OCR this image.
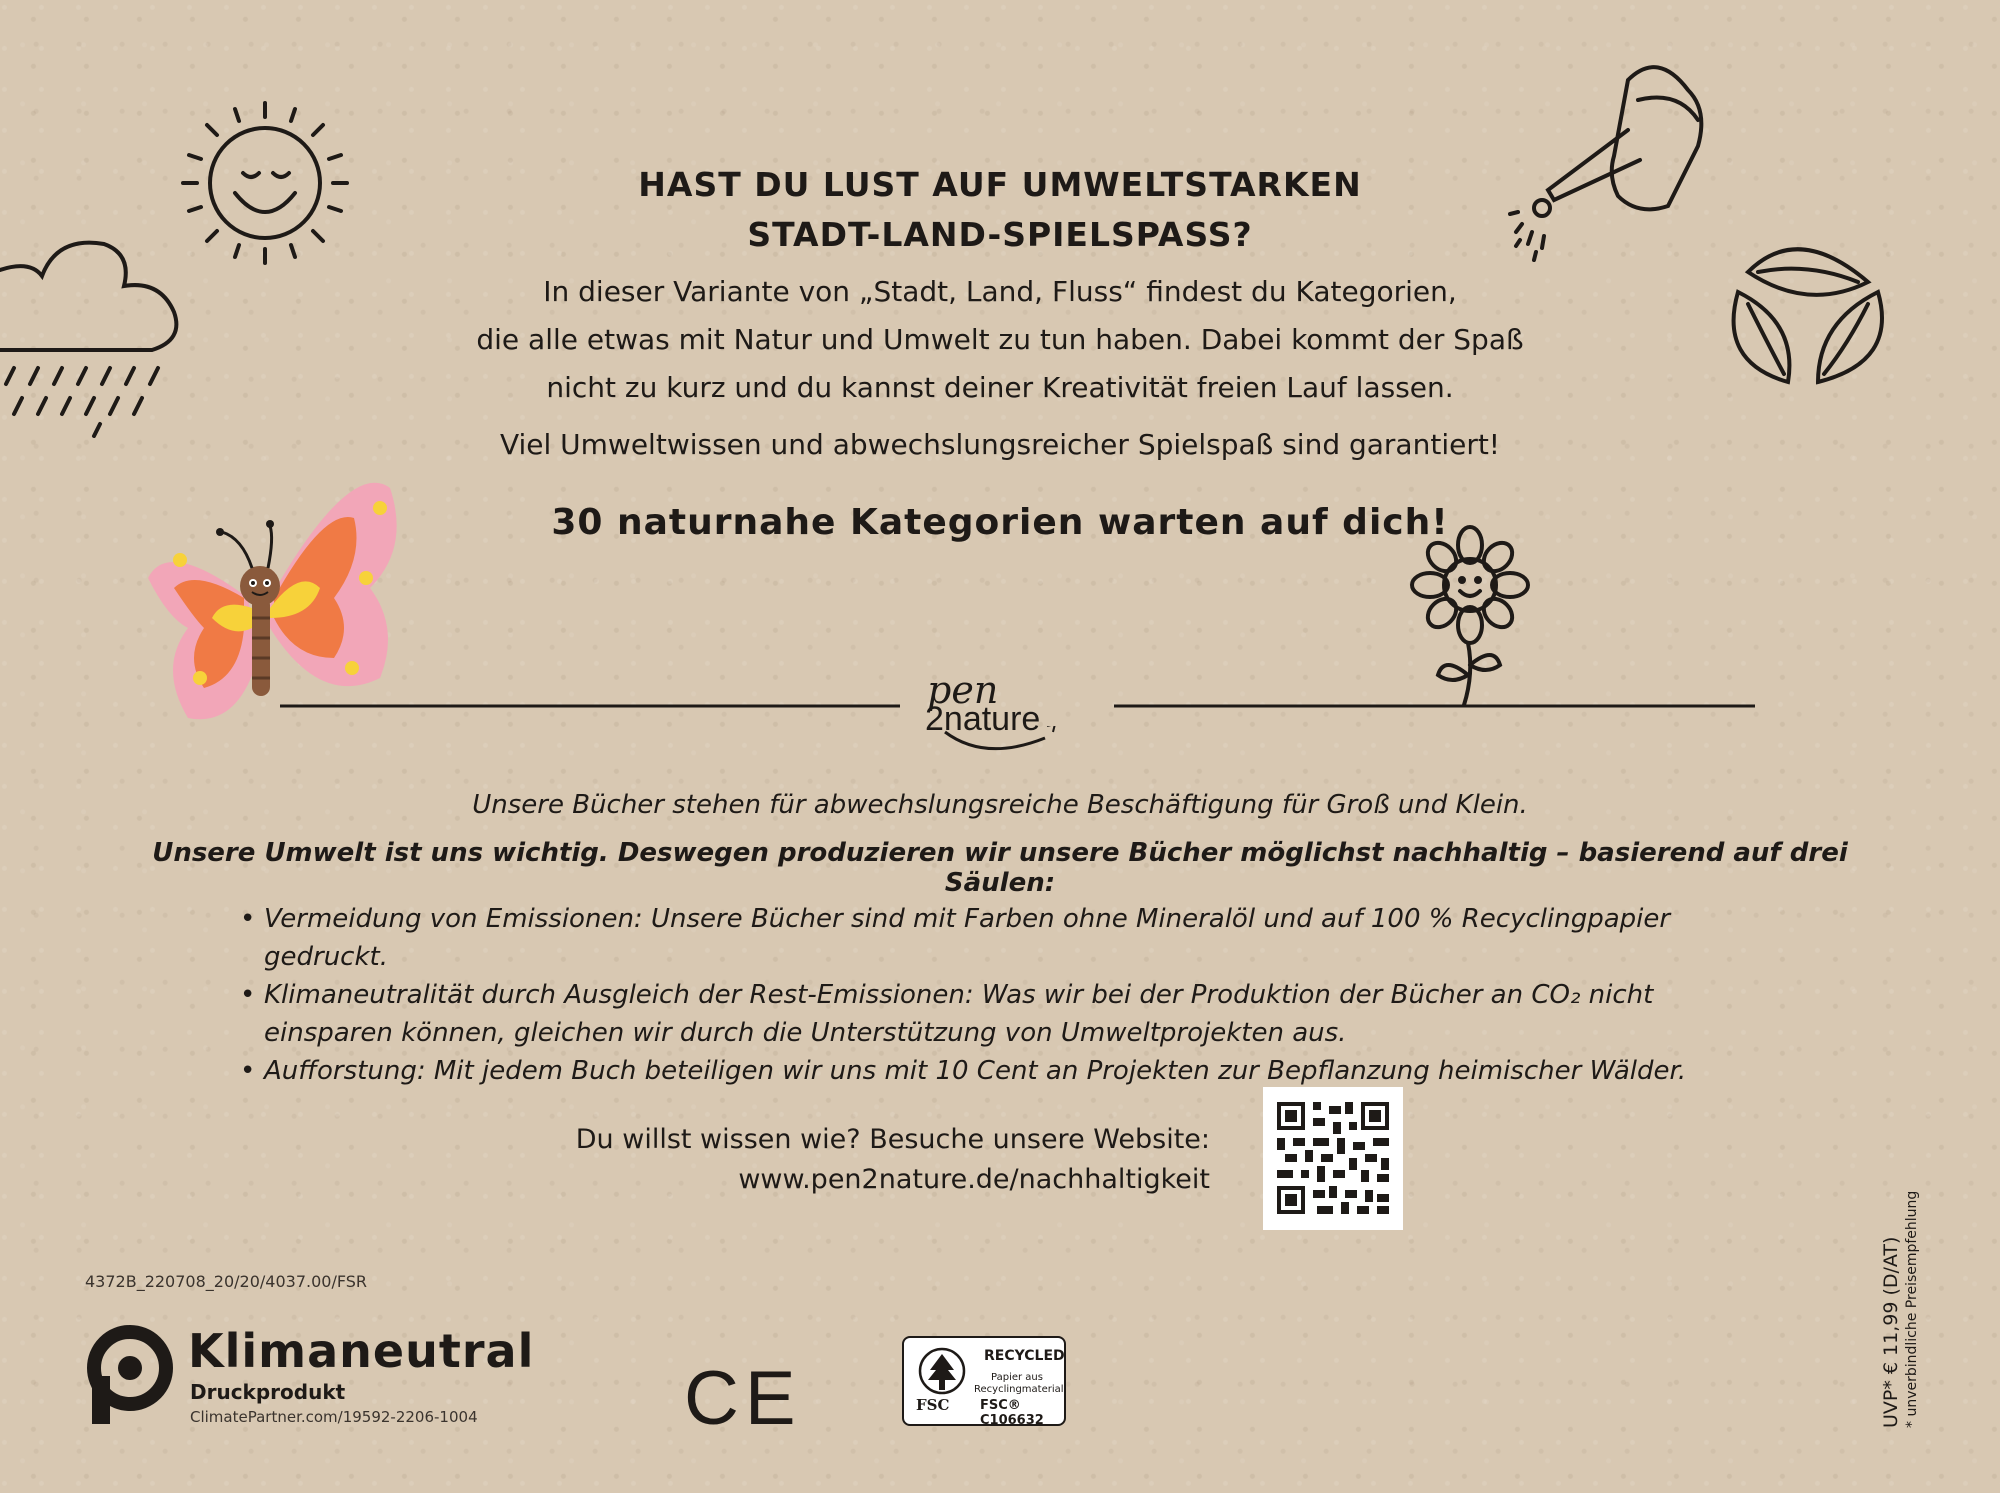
HAST DU LUST AUF UMWELTSTARKEN
STADT-LAND-SPIELSPASS?
In dieser Variante von „Stadt, Land, Fluss“ findest du Kategorien,
die alle etwas mit Natur und Umwelt zu tun haben. Dabei kommt der Spaß
nicht zu kurz und du kannst deiner Kreativität freien Lauf lassen.
Viel Umweltwissen und abwechslungsreicher Spielspaß sind garantiert!
30 naturnahe Kategorien warten auf dich!
pen
2nature
Unsere Bücher stehen für abwechslungsreiche Beschäftigung für Groß und Klein.
Unsere Umwelt ist uns wichtig. Deswegen produzieren wir unsere Bücher möglichst nachhaltig – basierend auf drei Säulen:
• Vermeidung von Emissionen: Unsere Bücher sind mit Farben ohne Mineralöl und auf 100 % Recyclingpapier gedruckt.
• Klimaneutralität durch Ausgleich der Rest-Emissionen: Was wir bei der Produktion der Bücher an CO₂ nicht einsparen können, gleichen wir durch die Unterstützung von Umweltprojekten aus.
• Aufforstung: Mit jedem Buch beteiligen wir uns mit 10 Cent an Projekten zur Bepflanzung heimischer Wälder.
Du willst wissen wie? Besuche unsere Website:
www.pen2nature.de/nachhaltigkeit
4372B_220708_20/20/4037.00/FSR
Klimaneutral
Druckprodukt
ClimatePartner.com/19592-2206-1004	CE	FSC
RECYCLED
Papier aus Recyclingmaterial
FSC® C106632	UVP* € 11,99 (D/AT) * unverbindliche Preisempfehlung
